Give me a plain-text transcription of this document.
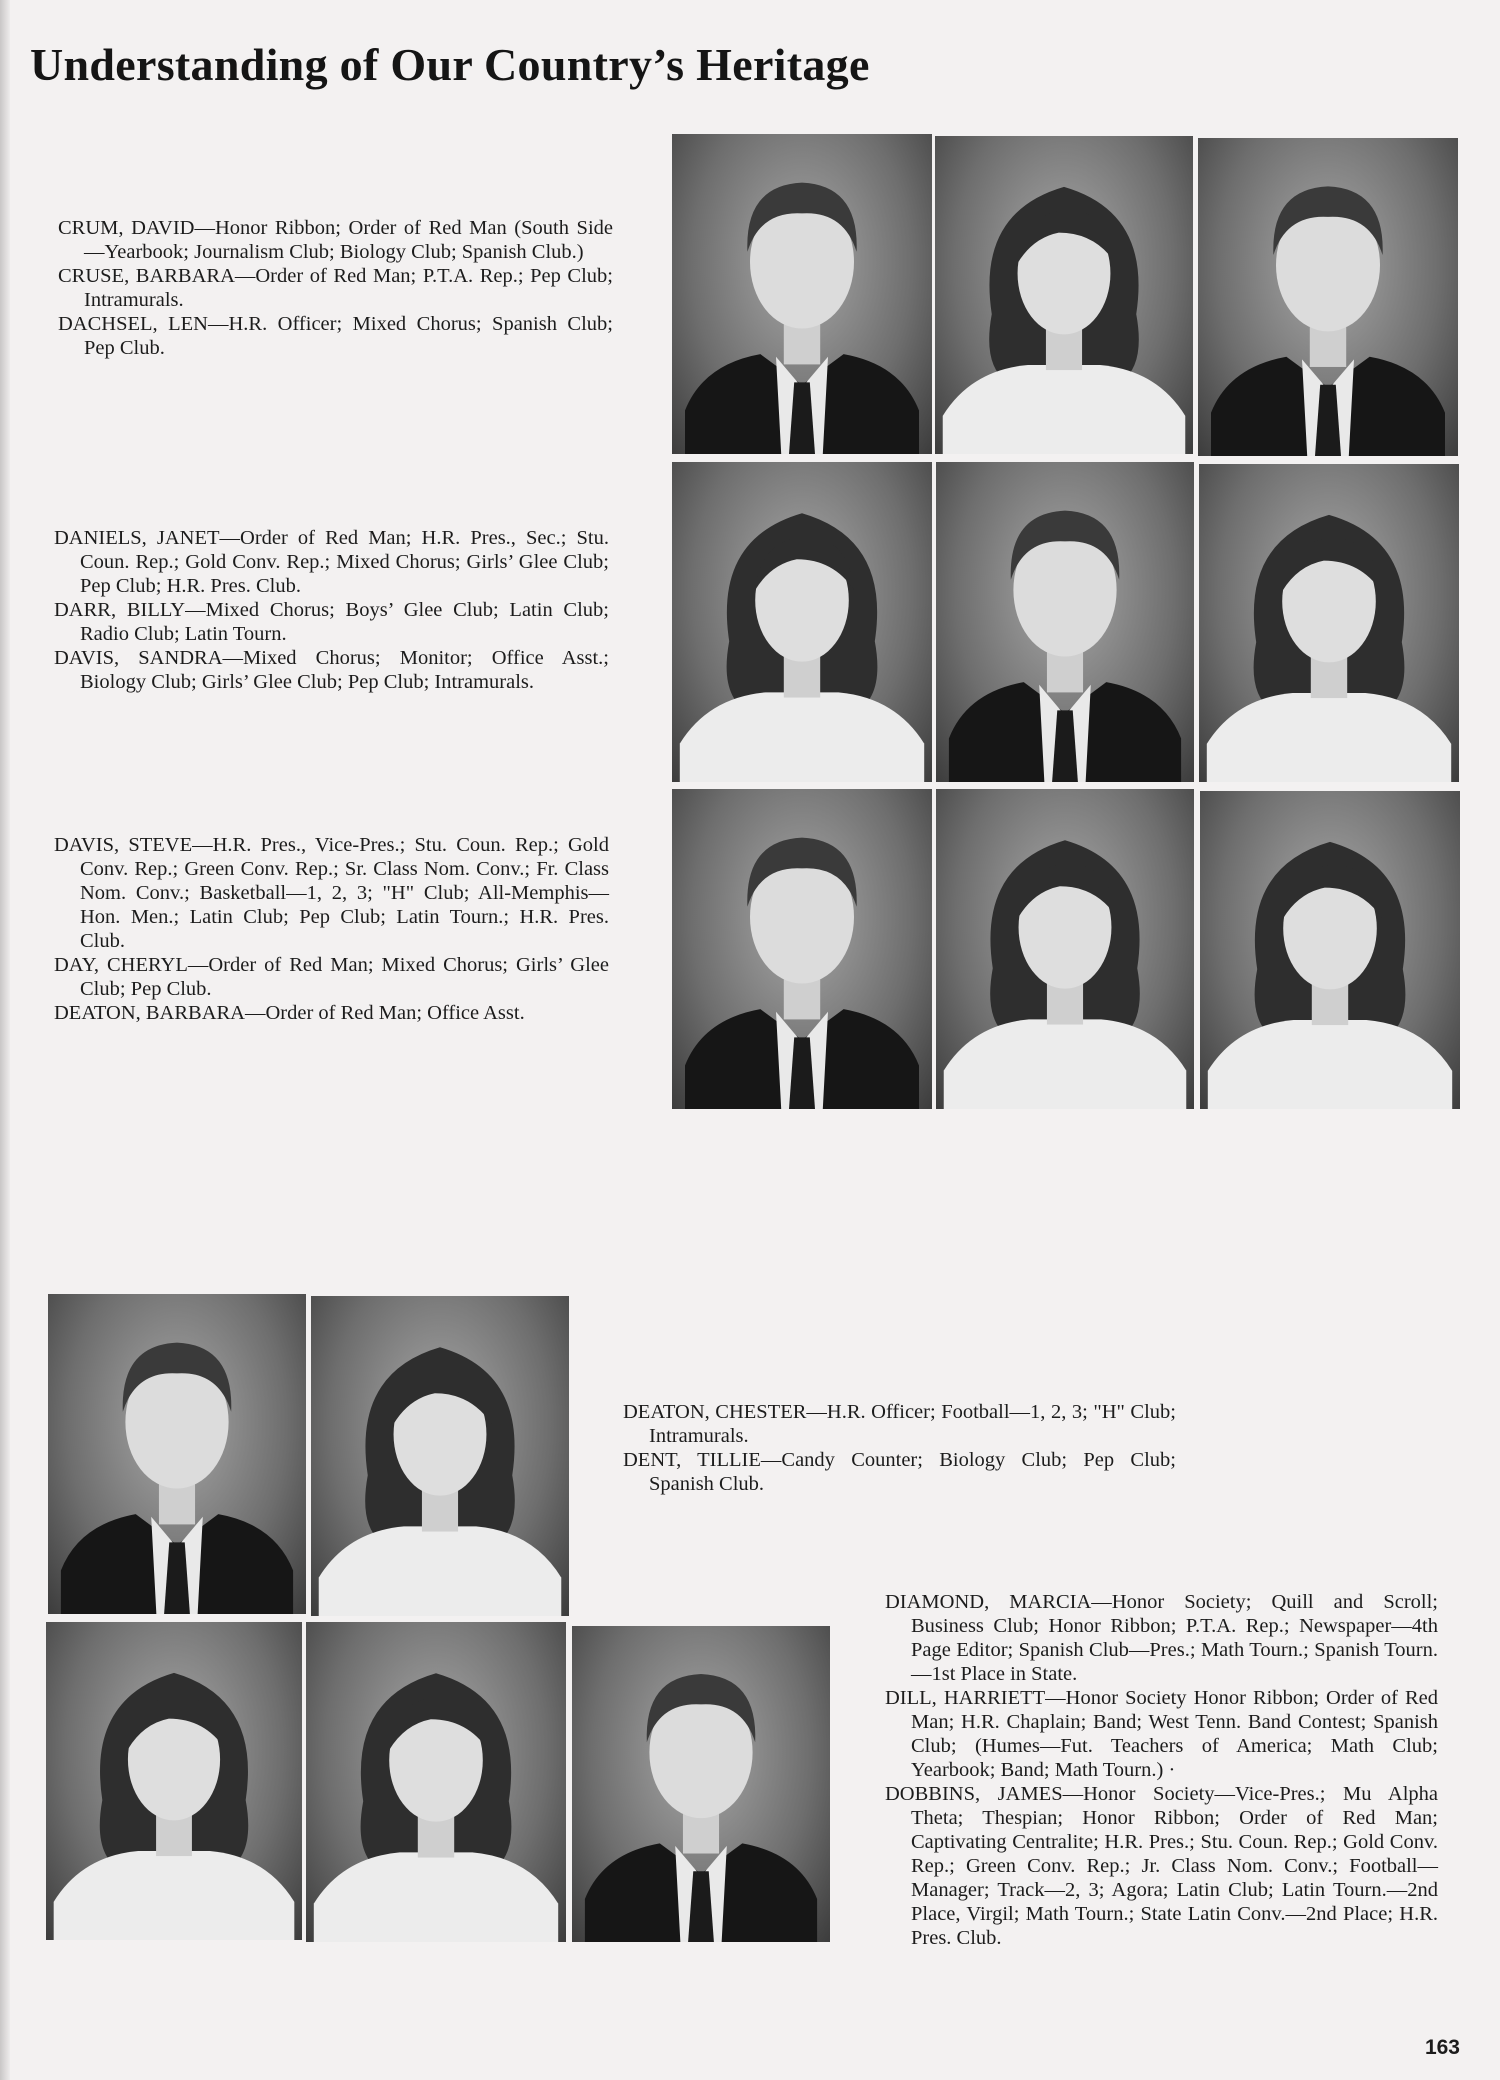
Understanding of Our Country’s Heritage

CRUM, DAVID—Honor Ribbon; Order of Red Man (South Side—Yearbook; Journalism Club; Biology Club; Spanish Club.)

CRUSE, BARBARA—Order of Red Man; P.T.A. Rep.; Pep Club; Intramurals.

DACHSEL, LEN—H.R. Officer; Mixed Chorus; Spanish Club; Pep Club.

DANIELS, JANET—Order of Red Man; H.R. Pres., Sec.; Stu. Coun. Rep.; Gold Conv. Rep.; Mixed Chorus; Girls’ Glee Club; Pep Club; H.R. Pres. Club.

DARR, BILLY—Mixed Chorus; Boys’ Glee Club; Latin Club; Radio Club; Latin Tourn.

DAVIS, SANDRA—Mixed Chorus; Monitor; Office Asst.; Biology Club; Girls’ Glee Club; Pep Club; Intramurals.

DAVIS, STEVE—H.R. Pres., Vice-Pres.; Stu. Coun. Rep.; Gold Conv. Rep.; Green Conv. Rep.; Sr. Class Nom. Conv.; Fr. Class Nom. Conv.; Basketball—1, 2, 3; "H" Club; All-Memphis—Hon. Men.; Latin Club; Pep Club; Latin Tourn.; H.R. Pres. Club.

DAY, CHERYL—Order of Red Man; Mixed Chorus; Girls’ Glee Club; Pep Club.

DEATON, BARBARA—Order of Red Man; Office Asst.

DEATON, CHESTER—H.R. Officer; Football—1, 2, 3; "H" Club; Intramurals.

DENT, TILLIE—Candy Counter; Biology Club; Pep Club; Spanish Club.

DIAMOND, MARCIA—Honor Society; Quill and Scroll; Business Club; Honor Ribbon; P.T.A. Rep.; Newspaper—4th Page Editor; Spanish Club—Pres.; Math Tourn.; Spanish Tourn.—1st Place in State.

DILL, HARRIETT—Honor Society Honor Ribbon; Order of Red Man; H.R. Chaplain; Band; West Tenn. Band Contest; Spanish Club; (Humes—Fut. Teachers of America; Math Club; Yearbook; Band; Math Tourn.) ·

DOBBINS, JAMES—Honor Society—Vice-Pres.; Mu Alpha Theta; Thespian; Honor Ribbon; Order of Red Man; Captivating Centralite; H.R. Pres.; Stu. Coun. Rep.; Gold Conv. Rep.; Green Conv. Rep.; Jr. Class Nom. Conv.; Football—Manager; Track—2, 3; Agora; Latin Club; Latin Tourn.—2nd Place, Virgil; Math Tourn.; State Latin Conv.—2nd Place; H.R. Pres. Club.

163
